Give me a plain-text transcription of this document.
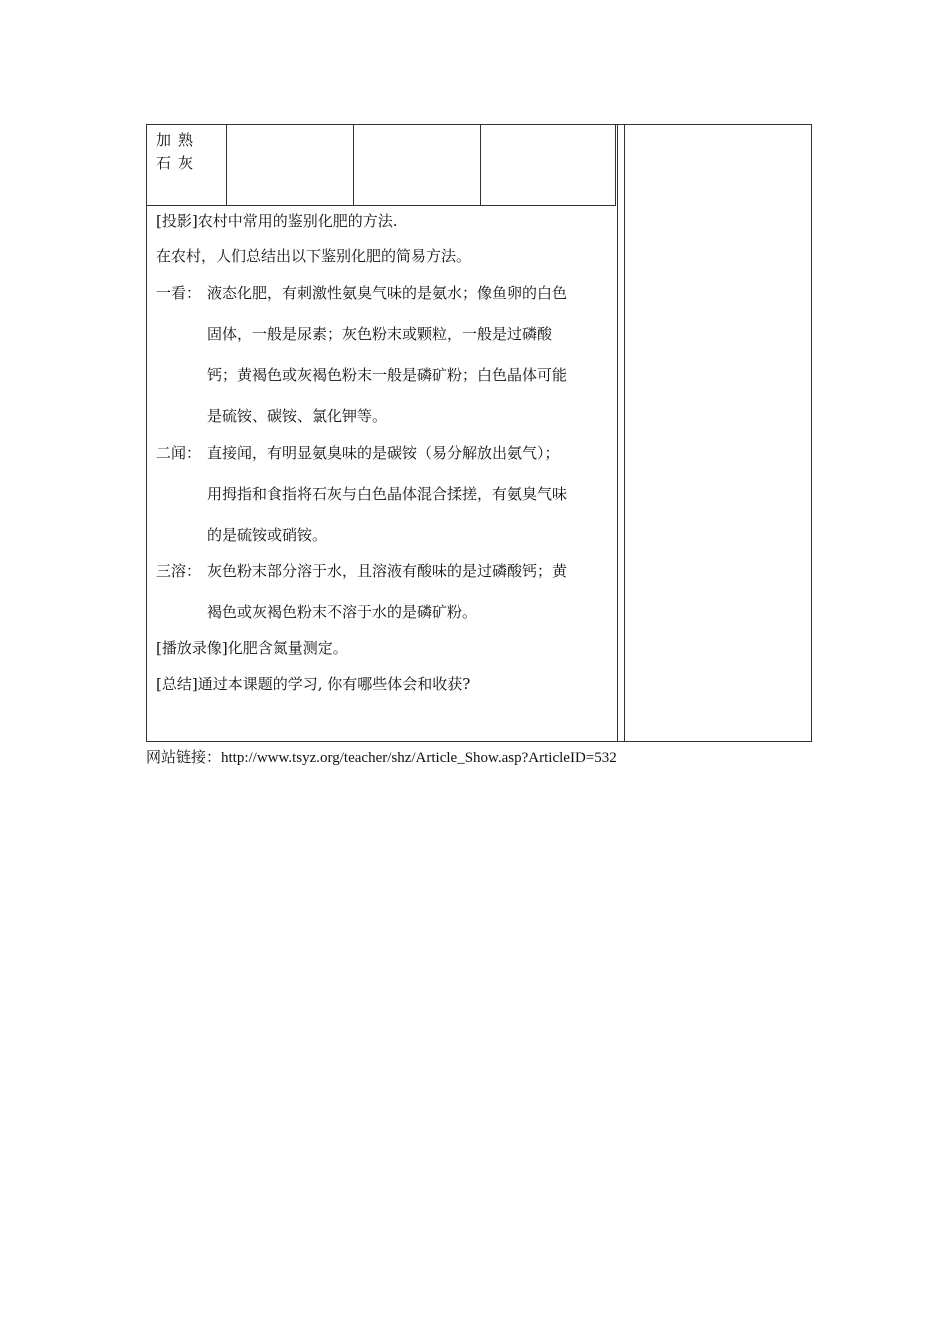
加熟石灰

[投影]农村中常用的鉴别化肥的方法.
在农村，人们总结出以下鉴别化肥的简易方法。
一看： 液态化肥，有刺激性氨臭气味的是氨水；像鱼卵的白色
固体，一般是尿素；灰色粉末或颗粒，一般是过磷酸
钙；黄褐色或灰褐色粉末一般是磷矿粉；白色晶体可能
是硫铵、碳铵、氯化钾等。
二闻： 直接闻，有明显氨臭味的是碳铵（易分解放出氨气）；
用拇指和食指将石灰与白色晶体混合揉搓，有氨臭气味
的是硫铵或硝铵。
三溶： 灰色粉末部分溶于水，且溶液有酸味的是过磷酸钙；黄
褐色或灰褐色粉末不溶于水的是磷矿粉。
[播放录像]化肥含氮量测定。
[总结]通过本课题的学习, 你有哪些体会和收获?
网站链接：http://www.tsyz.org/teacher/shz/Article_Show.asp?ArticleID=532
